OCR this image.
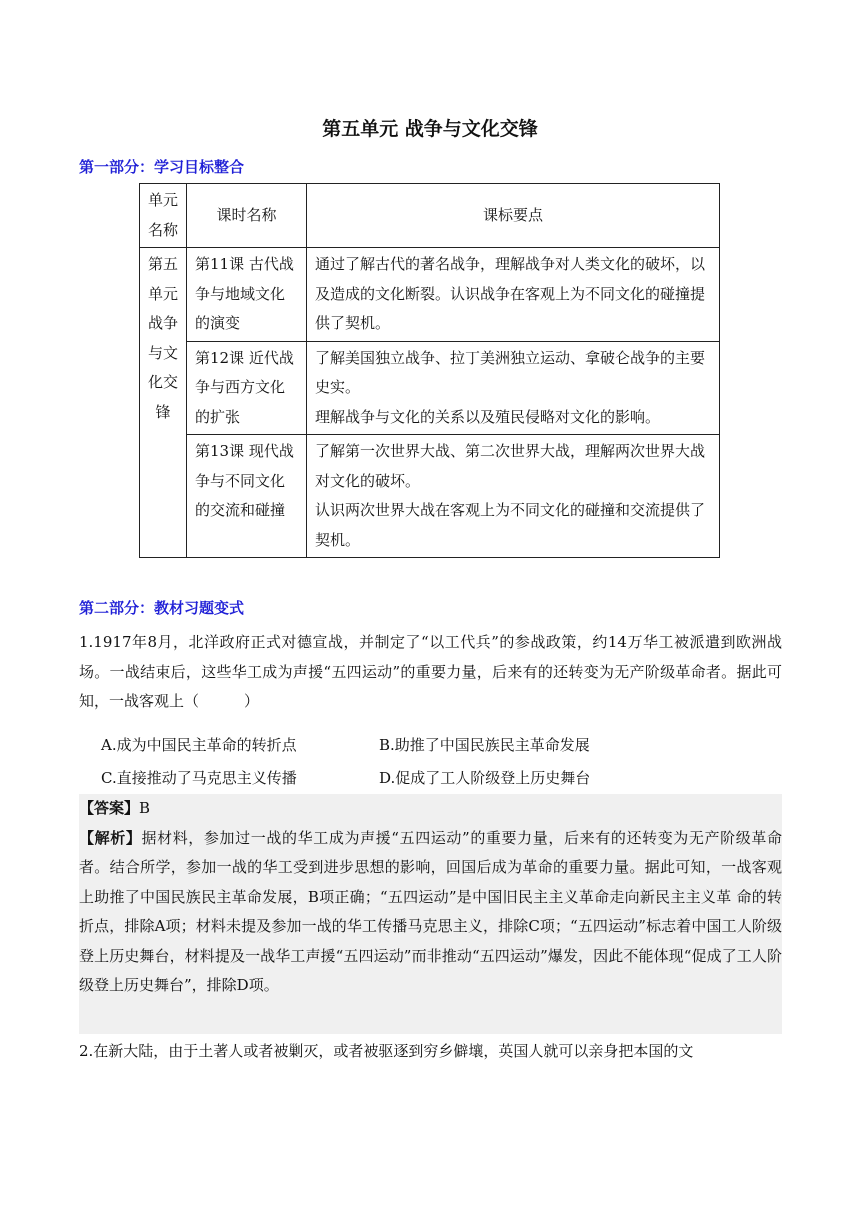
第五单元 战争与文化交锋
第一部分：学习目标整合
单元名称	课时名称	课标要点
第五单元战争与文化交锋	第11课 古代战争与地域文化的演变	通过了解古代的著名战争，理解战争对人类文化的破坏，以及造成的文化断裂。认识战争在客观上为不同文化的碰撞提供了契机。
	第12课 近代战争与西方文化的扩张	了解美国独立战争、拉丁美洲独立运动、拿破仑战争的主要史实。
理解战争与文化的关系以及殖民侵略对文化的影响。

	第13课 现代战争与不同文化的交流和碰撞	了解第一次世界大战、第二次世界大战，理解两次世界大战对文化的破坏。
认识两次世界大战在客观上为不同文化的碰撞和交流提供了契机。
第二部分：教材习题变式
1.1917年8月，北洋政府正式对德宣战，并制定了“以工代兵”的参战政策，约14万华工被派遣到欧洲战场。一战结束后，这些华工成为声援“五四运动”的重要力量，后来有的还转变为无产阶级革命者。据此可知，一战客观上（　　　）
A.成为中国民主革命的转折点	B.助推了中国民族民主革命发展
C.直接推动了马克思主义传播	D.促成了工人阶级登上历史舞台
【答案】B
【解析】据材料，参加过一战的华工成为声援“五四运动”的重要力量，后来有的还转变为无产阶级革命者。结合所学，参加一战的华工受到进步思想的影响，回国后成为革命的重要力量。据此可知，一战客观上助推了中国民族民主革命发展，B项正确；“五四运动”是中国旧民主主义革命走向新民主主义革 命的转折点，排除A项；材料未提及参加一战的华工传播马克思主义，排除C项；“五四运动”标志着中国工人阶级登上历史舞台，材料提及一战华工声援“五四运动”而非推动“五四运动”爆发，因此不能体现“促成了工人阶级登上历史舞台”，排除D项。
2.在新大陆，由于土著人或者被剿灭，或者被驱逐到穷乡僻壤，英国人就可以亲身把本国的文
